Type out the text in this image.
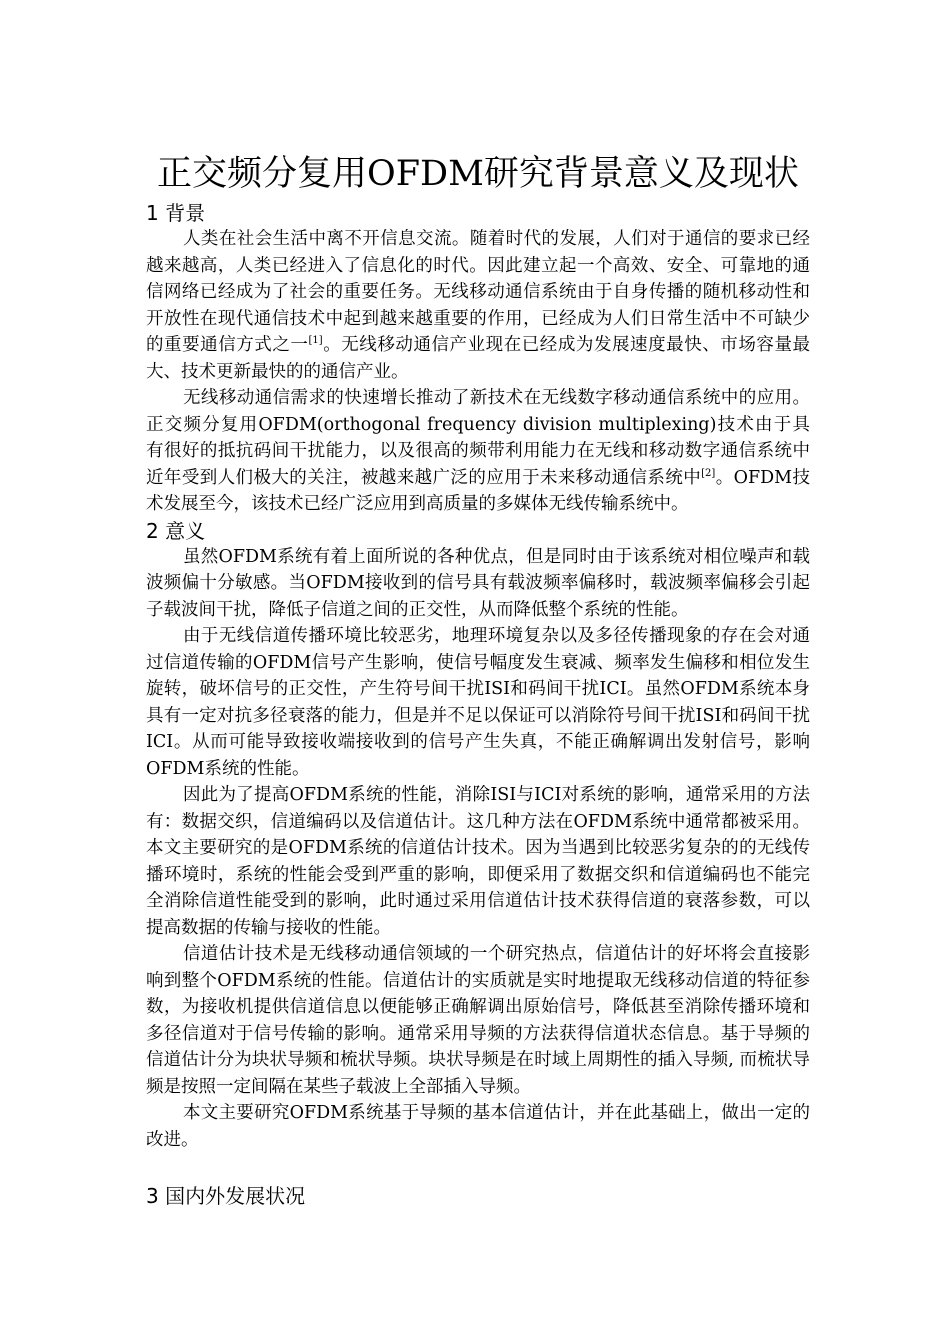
正交频分复用OFDM研究背景意义及现状
1 背景

人类在社会生活中离不开信息交流。随着时代的发展，人们对于通信的要求已经越来越高，人类已经进入了信息化的时代。因此建立起一个高效、安全、可靠地的通信网络已经成为了社会的重要任务。无线移动通信系统由于自身传播的随机移动性和开放性在现代通信技术中起到越来越重要的作用，已经成为人们日常生活中不可缺少的重要通信方式之一[1]。无线移动通信产业现在已经成为发展速度最快、市场容量最大、技术更新最快的的通信产业。

无线移动通信需求的快速增长推动了新技术在无线数字移动通信系统中的应用。正交频分复用OFDM(orthogonal frequency division multiplexing)技术由于具有很好的抵抗码间干扰能力，以及很高的频带利用能力在无线和移动数字通信系统中近年受到人们极大的关注，被越来越广泛的应用于未来移动通信系统中[2]。OFDM技术发展至今，该技术已经广泛应用到高质量的多媒体无线传输系统中。

2 意义

虽然OFDM系统有着上面所说的各种优点，但是同时由于该系统对相位噪声和载波频偏十分敏感。当OFDM接收到的信号具有载波频率偏移时，载波频率偏移会引起子载波间干扰，降低子信道之间的正交性，从而降低整个系统的性能。

由于无线信道传播环境比较恶劣，地理环境复杂以及多径传播现象的存在会对通过信道传输的OFDM信号产生影响，使信号幅度发生衰减、频率发生偏移和相位发生旋转，破坏信号的正交性，产生符号间干扰ISI和码间干扰ICI。虽然OFDM系统本身具有一定对抗多径衰落的能力，但是并不足以保证可以消除符号间干扰ISI和码间干扰ICI。从而可能导致接收端接收到的信号产生失真，不能正确解调出发射信号，影响OFDM系统的性能。

因此为了提高OFDM系统的性能，消除ISI与ICI对系统的影响，通常采用的方法有：数据交织，信道编码以及信道估计。这几种方法在OFDM系统中通常都被采用。本文主要研究的是OFDM系统的信道估计技术。因为当遇到比较恶劣复杂的的无线传播环境时，系统的性能会受到严重的影响，即便采用了数据交织和信道编码也不能完全消除信道性能受到的影响，此时通过采用信道估计技术获得信道的衰落参数，可以提高数据的传输与接收的性能。

信道估计技术是无线移动通信领域的一个研究热点，信道估计的好坏将会直接影响到整个OFDM系统的性能。信道估计的实质就是实时地提取无线移动信道的特征参数，为接收机提供信道信息以便能够正确解调出原始信号，降低甚至消除传播环境和多径信道对于信号传输的影响。通常采用导频的方法获得信道状态信息。基于导频的信道估计分为块状导频和梳状导频。块状导频是在时域上周期性的插入导频, 而梳状导频是按照一定间隔在某些子载波上全部插入导频。

本文主要研究OFDM系统基于导频的基本信道估计，并在此基础上，做出一定的改进。

3 国内外发展状况
